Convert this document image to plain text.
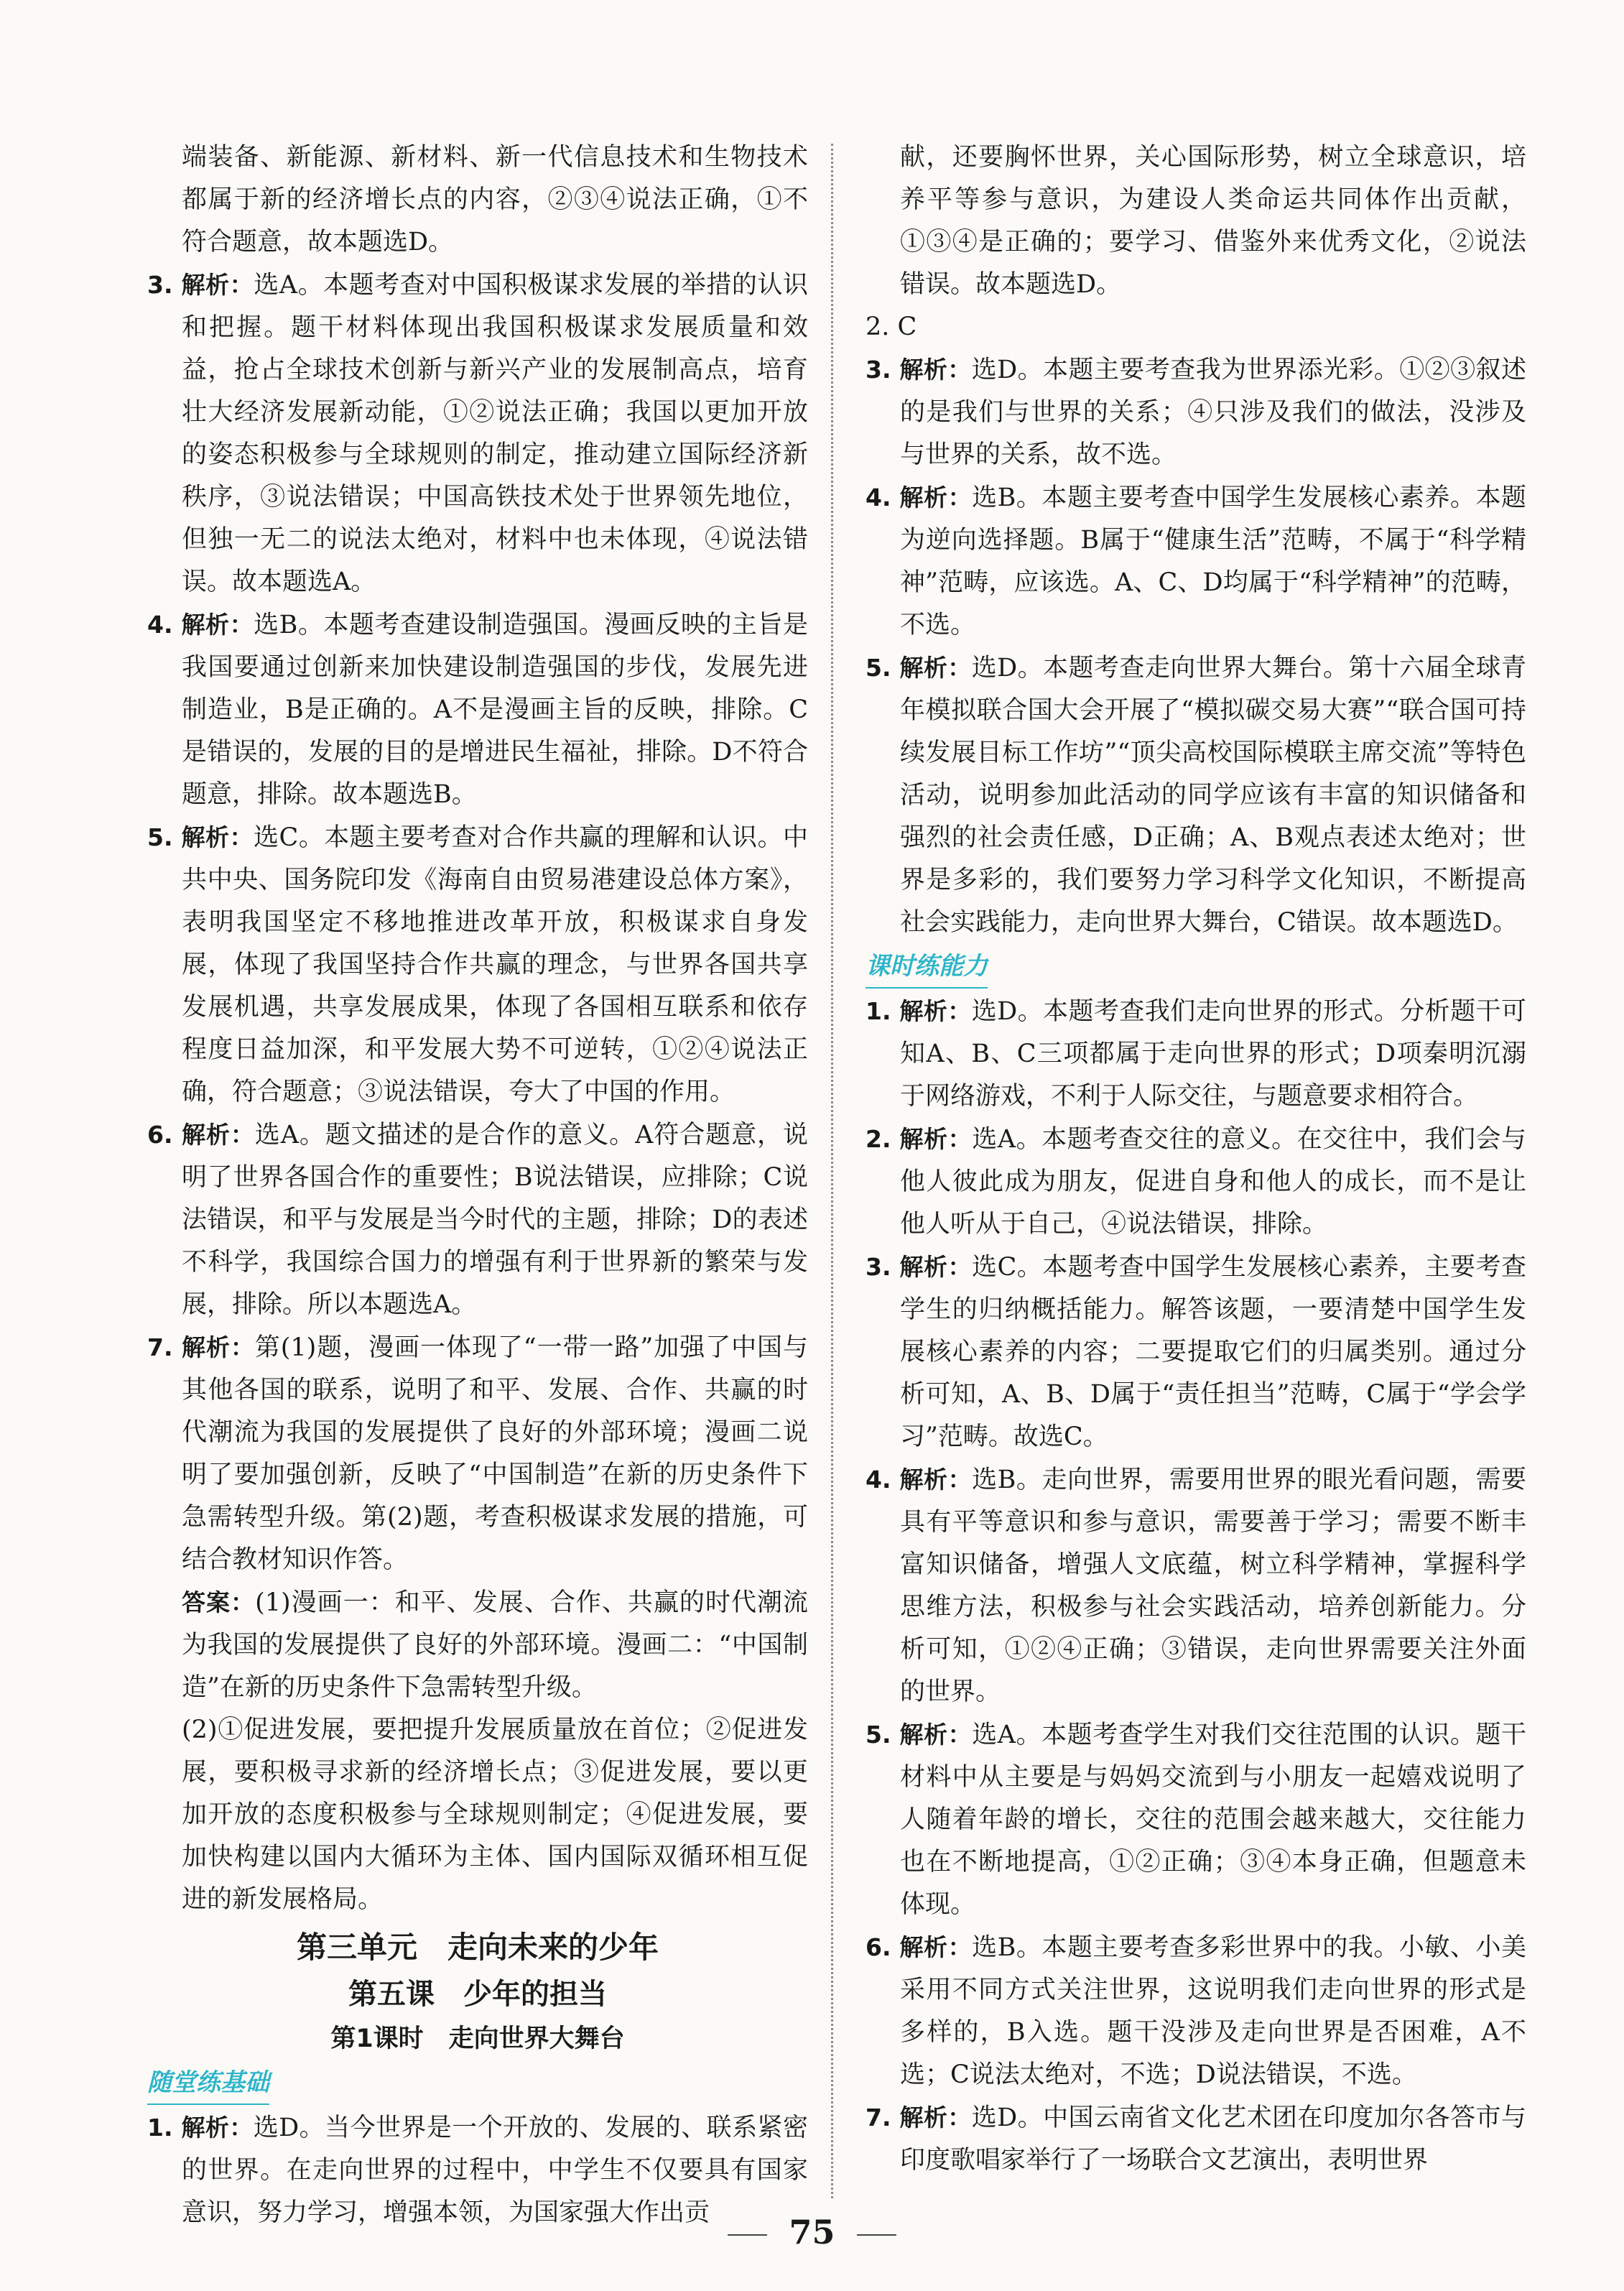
端装备、新能源、新材料、新一代信息技术和生物技术都属于新的经济增长点的内容，②③④说法正确，①不符合题意，故本题选D。

3. 解析：选A。本题考查对中国积极谋求发展的举措的认识和把握。题干材料体现出我国积极谋求发展质量和效益，抢占全球技术创新与新兴产业的发展制高点，培育壮大经济发展新动能，①②说法正确；我国以更加开放的姿态积极参与全球规则的制定，推动建立国际经济新秩序，③说法错误；中国高铁技术处于世界领先地位，但独一无二的说法太绝对，材料中也未体现，④说法错误。故本题选A。

4. 解析：选B。本题考查建设制造强国。漫画反映的主旨是我国要通过创新来加快建设制造强国的步伐，发展先进制造业，B是正确的。A不是漫画主旨的反映，排除。C是错误的，发展的目的是增进民生福祉，排除。D不符合题意，排除。故本题选B。

5. 解析：选C。本题主要考查对合作共赢的理解和认识。中共中央、国务院印发《海南自由贸易港建设总体方案》，表明我国坚定不移地推进改革开放，积极谋求自身发展，体现了我国坚持合作共赢的理念，与世界各国共享发展机遇，共享发展成果，体现了各国相互联系和依存程度日益加深，和平发展大势不可逆转，①②④说法正确，符合题意；③说法错误，夸大了中国的作用。

6. 解析：选A。题文描述的是合作的意义。A符合题意，说明了世界各国合作的重要性；B说法错误，应排除；C说法错误，和平与发展是当今时代的主题，排除；D的表述不科学，我国综合国力的增强有利于世界新的繁荣与发展，排除。所以本题选A。

7. 解析：第(1)题，漫画一体现了“一带一路”加强了中国与其他各国的联系，说明了和平、发展、合作、共赢的时代潮流为我国的发展提供了良好的外部环境；漫画二说明了要加强创新，反映了“中国制造”在新的历史条件下急需转型升级。第(2)题，考查积极谋求发展的措施，可结合教材知识作答。

答案：(1)漫画一：和平、发展、合作、共赢的时代潮流为我国的发展提供了良好的外部环境。漫画二：“中国制造”在新的历史条件下急需转型升级。

(2)①促进发展，要把提升发展质量放在首位；②促进发展，要积极寻求新的经济增长点；③促进发展，要以更加开放的态度积极参与全球规则制定；④促进发展，要加快构建以国内大循环为主体、国内国际双循环相互促进的新发展格局。

第三单元　走向未来的少年

第五课　少年的担当

第1课时　走向世界大舞台

随堂练基础

1. 解析：选D。当今世界是一个开放的、发展的、联系紧密的世界。在走向世界的过程中，中学生不仅要具有国家意识，努力学习，增强本领，为国家强大作出贡

献，还要胸怀世界，关心国际形势，树立全球意识，培养平等参与意识，为建设人类命运共同体作出贡献，①③④是正确的；要学习、借鉴外来优秀文化，②说法错误。故本题选D。

2. C

3. 解析：选D。本题主要考查我为世界添光彩。①②③叙述的是我们与世界的关系；④只涉及我们的做法，没涉及与世界的关系，故不选。

4. 解析：选B。本题主要考查中国学生发展核心素养。本题为逆向选择题。B属于“健康生活”范畴，不属于“科学精神”范畴，应该选。A、C、D均属于“科学精神”的范畴，不选。

5. 解析：选D。本题考查走向世界大舞台。第十六届全球青年模拟联合国大会开展了“模拟碳交易大赛”“联合国可持续发展目标工作坊”“顶尖高校国际模联主席交流”等特色活动，说明参加此活动的同学应该有丰富的知识储备和强烈的社会责任感，D正确；A、B观点表述太绝对；世界是多彩的，我们要努力学习科学文化知识，不断提高社会实践能力，走向世界大舞台，C错误。故本题选D。

课时练能力

1. 解析：选D。本题考查我们走向世界的形式。分析题干可知A、B、C三项都属于走向世界的形式；D项秦明沉溺于网络游戏，不利于人际交往，与题意要求相符合。

2. 解析：选A。本题考查交往的意义。在交往中，我们会与他人彼此成为朋友，促进自身和他人的成长，而不是让他人听从于自己，④说法错误，排除。

3. 解析：选C。本题考查中国学生发展核心素养，主要考查学生的归纳概括能力。解答该题，一要清楚中国学生发展核心素养的内容；二要提取它们的归属类别。通过分析可知，A、B、D属于“责任担当”范畴，C属于“学会学习”范畴。故选C。

4. 解析：选B。走向世界，需要用世界的眼光看问题，需要具有平等意识和参与意识，需要善于学习；需要不断丰富知识储备，增强人文底蕴，树立科学精神，掌握科学思维方法，积极参与社会实践活动，培养创新能力。分析可知，①②④正确；③错误，走向世界需要关注外面的世界。

5. 解析：选A。本题考查学生对我们交往范围的认识。题干材料中从主要是与妈妈交流到与小朋友一起嬉戏说明了人随着年龄的增长，交往的范围会越来越大，交往能力也在不断地提高，①②正确；③④本身正确，但题意未体现。

6. 解析：选B。本题主要考查多彩世界中的我。小敏、小美采用不同方式关注世界，这说明我们走向世界的形式是多样的，B入选。题干没涉及走向世界是否困难，A不选；C说法太绝对，不选；D说法错误，不选。

7. 解析：选D。中国云南省文化艺术团在印度加尔各答市与印度歌唱家举行了一场联合文艺演出，表明世界

75
